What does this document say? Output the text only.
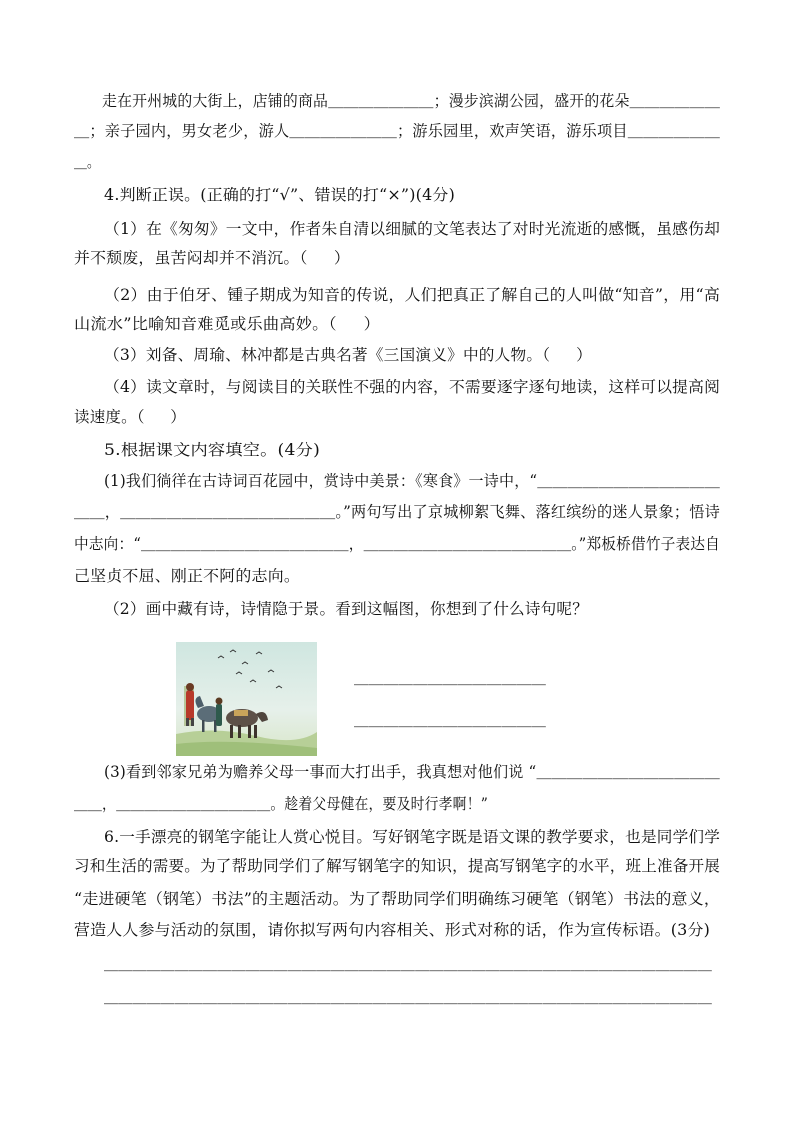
走在开州城的大街上，店铺的商品＿＿＿＿＿＿＿；漫步滨湖公园，盛开的花朵＿＿＿＿＿＿
＿；亲子园内，男女老少，游人＿＿＿＿＿＿＿；游乐园里，欢声笑语，游乐项目＿＿＿＿＿＿
＿。
4.判断正误。(正确的打“√”、错误的打“×”)(4分)
（1）在《匆匆》一文中，作者朱自清以细腻的文笔表达了对时光流逝的感慨，虽感伤却
并不颓废，虽苦闷却并不消沉。（     ）
（2）由于伯牙、锺子期成为知音的传说，人们把真正了解自己的人叫做“知音”，用“高
山流水”比喻知音难觅或乐曲高妙。（     ）
（3）刘备、周瑜、林冲都是古典名著《三国演义》中的人物。（     ）
（4）读文章时，与阅读目的关联性不强的内容，不需要逐字逐句地读，这样可以提高阅
读速度。（     ）
5.根据课文内容填空。(4分)
(1)我们徜徉在古诗词百花园中，赏诗中美景：《寒食》一诗中，“＿＿＿＿＿＿＿＿＿＿＿＿
＿＿，＿＿＿＿＿＿＿＿＿＿＿＿＿＿。”两句写出了京城柳絮飞舞、落红缤纷的迷人景象；悟诗
中志向：“＿＿＿＿＿＿＿＿＿＿＿＿＿＿，＿＿＿＿＿＿＿＿＿＿＿＿＿＿。”郑板桥借竹子表达自
己坚贞不屈、刚正不阿的志向。
（2）画中藏有诗，诗情隐于景。看到这幅图，你想到了什么诗句呢？
＿＿＿＿＿＿＿＿＿＿＿＿＿
＿＿＿＿＿＿＿＿＿＿＿＿＿
(3)看到邻家兄弟为赡养父母一事而大打出手，我真想对他们说 “＿＿＿＿＿＿＿＿＿＿＿＿
＿＿，＿＿＿＿＿＿＿＿＿＿＿。趁着父母健在，要及时行孝啊！”
6.一手漂亮的钢笔字能让人赏心悦目。写好钢笔字既是语文课的教学要求，也是同学们学
习和生活的需要。为了帮助同学们了解写钢笔字的知识，提高写钢笔字的水平，班上准备开展
“走进硬笔（钢笔）书法”的主题活动。为了帮助同学们明确练习硬笔（钢笔）书法的意义，
营造人人参与活动的氛围，请你拟写两句内容相关、形式对称的话，作为宣传标语。(3分)
＿＿＿＿＿＿＿＿＿＿＿＿＿＿＿＿＿＿＿＿＿＿＿＿＿＿＿＿＿＿＿＿＿＿＿＿＿＿＿＿＿＿＿
＿＿＿＿＿＿＿＿＿＿＿＿＿＿＿＿＿＿＿＿＿＿＿＿＿＿＿＿＿＿＿＿＿＿＿＿＿＿＿＿＿＿＿
